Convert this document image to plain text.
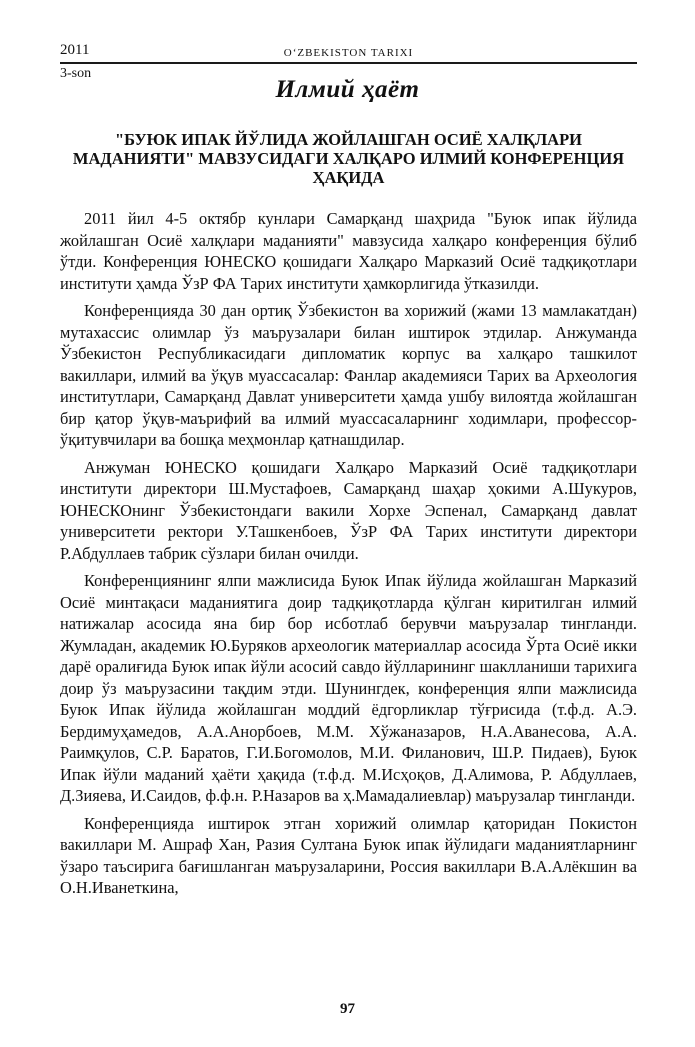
2011	O‘ZBEKISTON TARIXI
3-son
Илмий ҳаёт
"БУЮК ИПАК ЙЎЛИДА ЖОЙЛАШГАН ОСИЁ ХАЛҚЛАРИ МАДАНИЯТИ" МАВЗУСИДАГИ ХАЛҚАРО ИЛМИЙ КОНФЕРЕНЦИЯ ҲАҚИДА

2011 йил 4-5 октябр кунлари Самарқанд шаҳрида "Буюк ипак йўлида жойлашган Осиё халқлари маданияти" мавзусида халқаро конференция бўлиб ўтди. Конференция ЮНЕСКО қошидаги Халқаро Марказий Осиё тадқиқотлари институти ҳамда ЎзР ФА Тарих институти ҳамкорлигида ўтказилди.

Конференцияда 30 дан ортиқ Ўзбекистон ва хорижий (жами 13 мамлакатдан) мутахассис олимлар ўз маърузалари билан иштирок этдилар. Анжуманда Ўзбекистон Республикасидаги дипломатик корпус ва халқаро ташкилот вакиллари, илмий ва ўқув муассасалар: Фанлар академияси Тарих ва Археология институтлари, Самарқанд Давлат университети ҳамда ушбу вилоятда жойлашган бир қатор ўқув-маърифий ва илмий муассасаларнинг ходимлари, профессор-ўқитувчилари ва бошқа меҳмонлар қатнашдилар.

Анжуман ЮНЕСКО қошидаги Халқаро Марказий Осиё тадқиқотлари институти директори Ш.Мустафоев, Самарқанд шаҳар ҳокими А.Шукуров, ЮНЕСКОнинг Ўзбекистондаги вакили Хорхе Эспенал, Самарқанд давлат университети ректори У.Ташкенбоев, ЎзР ФА Тарих институти директори Р.Абдуллаев табрик сўзлари билан очилди.

Конференциянинг ялпи мажлисида Буюк Ипак йўлида жойлашган Марказий Осиё минтақаси маданиятига доир тадқиқотларда қўлган киритилган илмий натижалар асосида яна бир бор исботлаб берувчи маърузалар тингланди. Жумладан, академик Ю.Буряков археологик материаллар асосида Ўрта Осиё икки дарё оралиғида Буюк ипак йўли асосий савдо йўлларининг шаклланиши тарихига доир ўз маърузасини тақдим этди. Шунингдек, конференция ялпи мажлисида Буюк Ипак йўлида жойлашган моддий ёдгорликлар тўғрисида (т.ф.д. А.Э. Бердимуҳамедов, А.А.Анорбоев, М.М. Хўжаназаров, Н.А.Аванесова, А.А. Раимқулов, С.Р. Баратов, Г.И.Богомолов, М.И. Филанович, Ш.Р. Пидаев), Буюк Ипак йўли маданий ҳаёти ҳақида (т.ф.д. М.Исҳоқов, Д.Алимова, Р. Абдуллаев, Д.Зияева, И.Саидов, ф.ф.н. Р.Назаров ва ҳ.Мамадалиевлар) маърузалар тингланди.

Конференцияда иштирок этган хорижий олимлар қаторидан Покистон вакиллари М. Ашраф Хан, Разия Султана Буюк ипак йўлидаги маданиятларнинг ўзаро таъсирига бағишланган маърузаларини, Россия вакиллари В.А.Алёкшин ва О.Н.Иванеткина,

97
